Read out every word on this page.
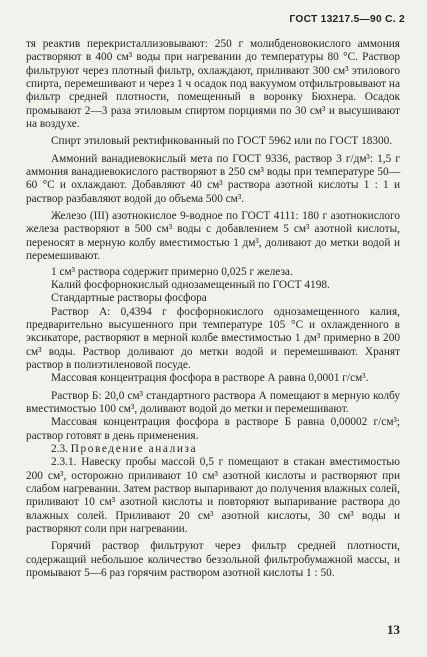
ГОСТ 13217.5—90 С. 2

тя реактив перекристаллизовывают: 250 г молибденовокислого аммония растворяют в 400 см³ воды при нагревании до температуры 80 °С. Раствор фильтруют через плотный фильтр, охлаждают, приливают 300 см³ этилового спирта, перемешивают и через 1 ч осадок под вакуумом отфильтровывают на фильтр средней плотности, помещенный в воронку Бюхнера. Осадок промывают 2—3 раза этиловым спиртом порциями по 30 см³ и высушивают на воздухе.

Спирт этиловый ректификованный по ГОСТ 5962 или по ГОСТ 18300.

Аммоний ванадиевокислый мета по ГОСТ 9336, раствор 3 г/дм³: 1,5 г аммония ванадиевокислого растворяют в 250 см³ воды при температуре 50—60 °С и охлаждают. Добавляют 40 см³ раствора азотной кислоты 1 : 1 и раствор разбавляют водой до объема 500 см³.

Железо (III) азотнокислое 9-водное по ГОСТ 4111: 180 г азотнокислого железа растворяют в 500 см³ воды с добавлением 5 см³ азотной кислоты, переносят в мерную колбу вместимостью 1 дм³, доливают до метки водой и перемешивают.

1 см³ раствора содержит примерно 0,025 г железа.

Калий фосфорнокислый однозамещенный по ГОСТ 4198.

Стандартные растворы фосфора

Раствор А: 0,4394 г фосфорнокислого однозамещенного калия, предварительно высушенного при температуре 105 °С и охлажденного в эксикаторе, растворяют в мерной колбе вместимостью 1 дм³ примерно в 200 см³ воды. Раствор доливают до метки водой и перемешивают. Хранят раствор в полиэтиленовой посуде.

Массовая концентрация фосфора в растворе А равна 0,0001 г/см³.

Раствор Б: 20,0 см³ стандартного раствора А помещают в мерную колбу вместимостью 100 см³, доливают водой до метки и перемешивают.

Массовая концентрация фосфора в растворе Б равна 0,00002 г/см³; раствор готовят в день применения.

2.3. Проведение анализа

2.3.1. Навеску пробы массой 0,5 г помещают в стакан вместимостью 200 см³, осторожно приливают 10 см³ азотной кислоты и растворяют при слабом нагревании. Затем раствор выпаривают до получения влажных солей, приливают 10 см³ азотной кислоты и повторяют выпаривание раствора до влажных солей. Приливают 20 см³ азотной кислоты, 30 см³ воды и растворяют соли при нагревании.

Горячий раствор фильтруют через фильтр средней плотности, содержащий небольшое количество беззольной фильтробумажной массы, и промывают 5—6 раз горячим раствором азотной кислоты 1 : 50.

13
